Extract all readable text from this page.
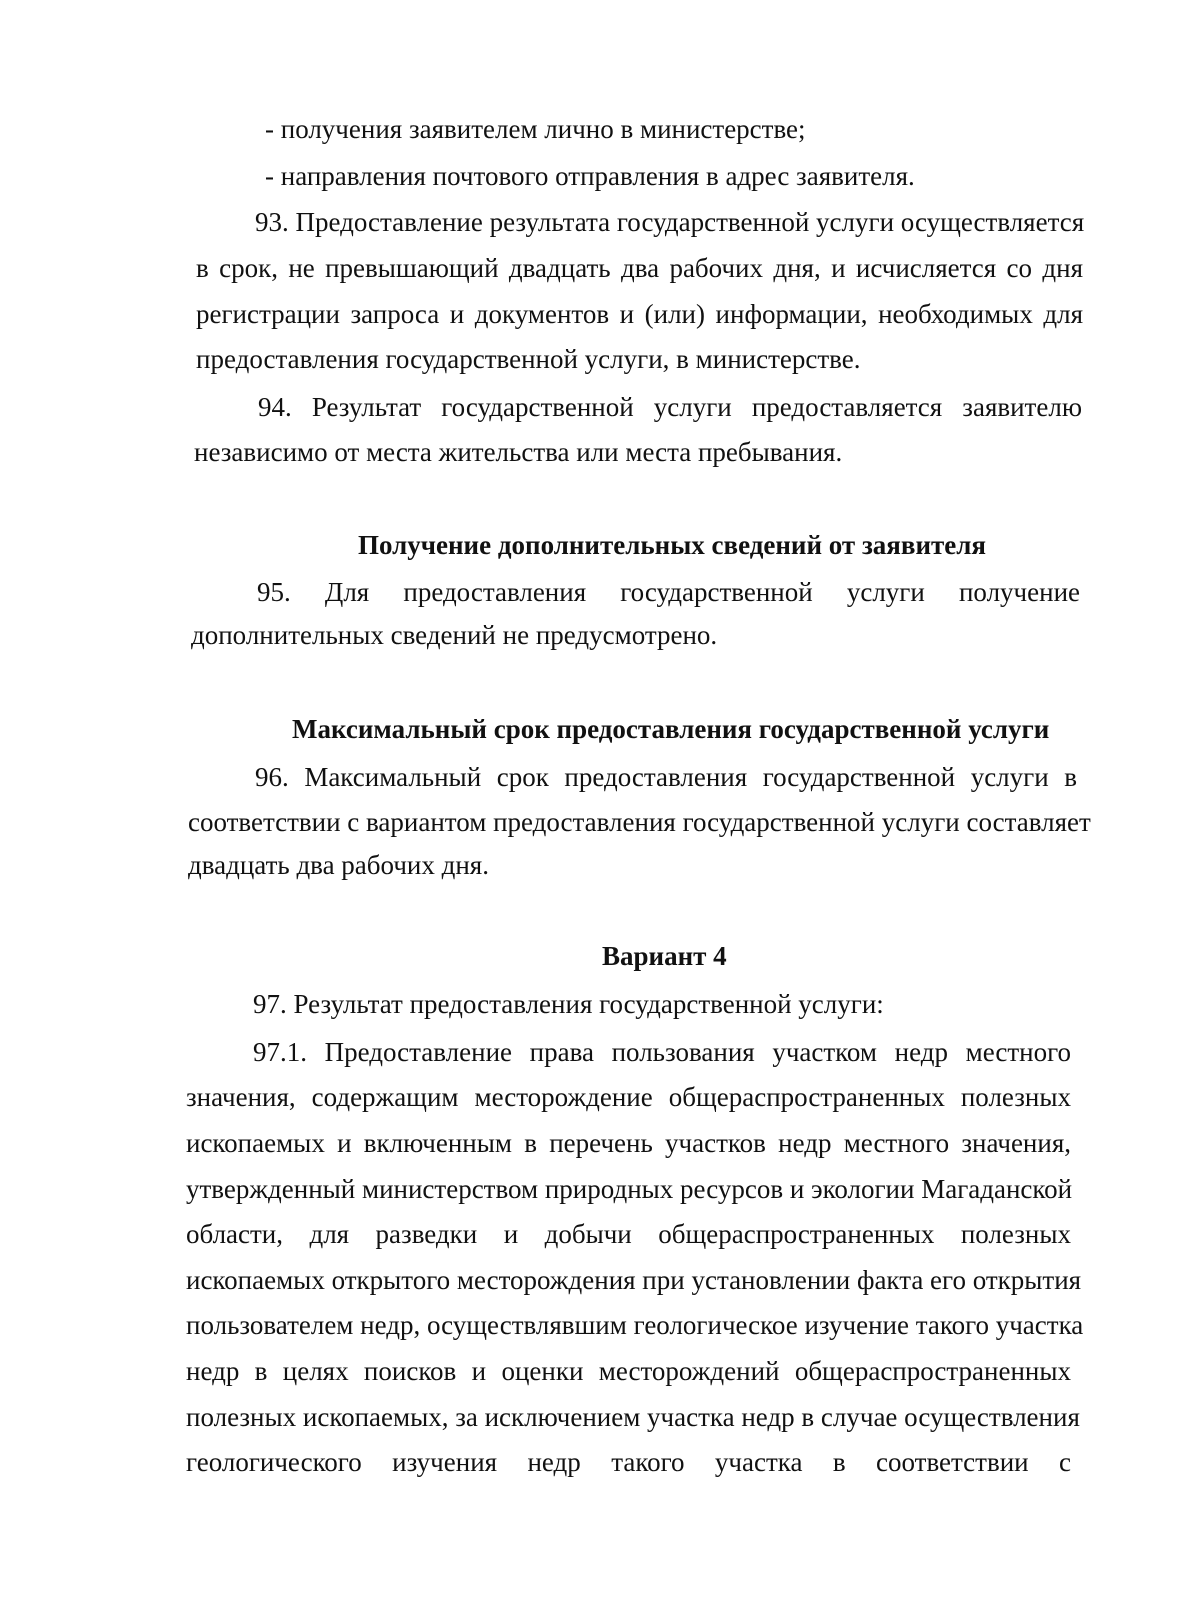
- получения заявителем лично в министерстве;
- направления почтового отправления в адрес заявителя.
93. Предоставление результата государственной услуги осуществляется
в срок, не превышающий двадцать два рабочих дня, и исчисляется со дня
регистрации запроса и документов и (или) информации, необходимых для
предоставления государственной услуги, в министерстве.
94. Результат государственной услуги предоставляется заявителю
независимо от места жительства или места пребывания.
Получение дополнительных сведений от заявителя
95. Для предоставления государственной услуги получение
дополнительных сведений не предусмотрено.
Максимальный срок предоставления государственной услуги
96. Максимальный срок предоставления государственной услуги в
соответствии с вариантом предоставления государственной услуги составляет
двадцать два рабочих дня.
Вариант 4
97. Результат предоставления государственной услуги:
97.1. Предоставление права пользования участком недр местного
значения, содержащим месторождение общераспространенных полезных
ископаемых и включенным в перечень участков недр местного значения,
утвержденный министерством природных ресурсов и экологии Магаданской
области, для разведки и добычи общераспространенных полезных
ископаемых открытого месторождения при установлении факта его открытия
пользователем недр, осуществлявшим геологическое изучение такого участка
недр в целях поисков и оценки месторождений общераспространенных
полезных ископаемых, за исключением участка недр в случае осуществления
геологического изучения недр такого участка в соответствии с
